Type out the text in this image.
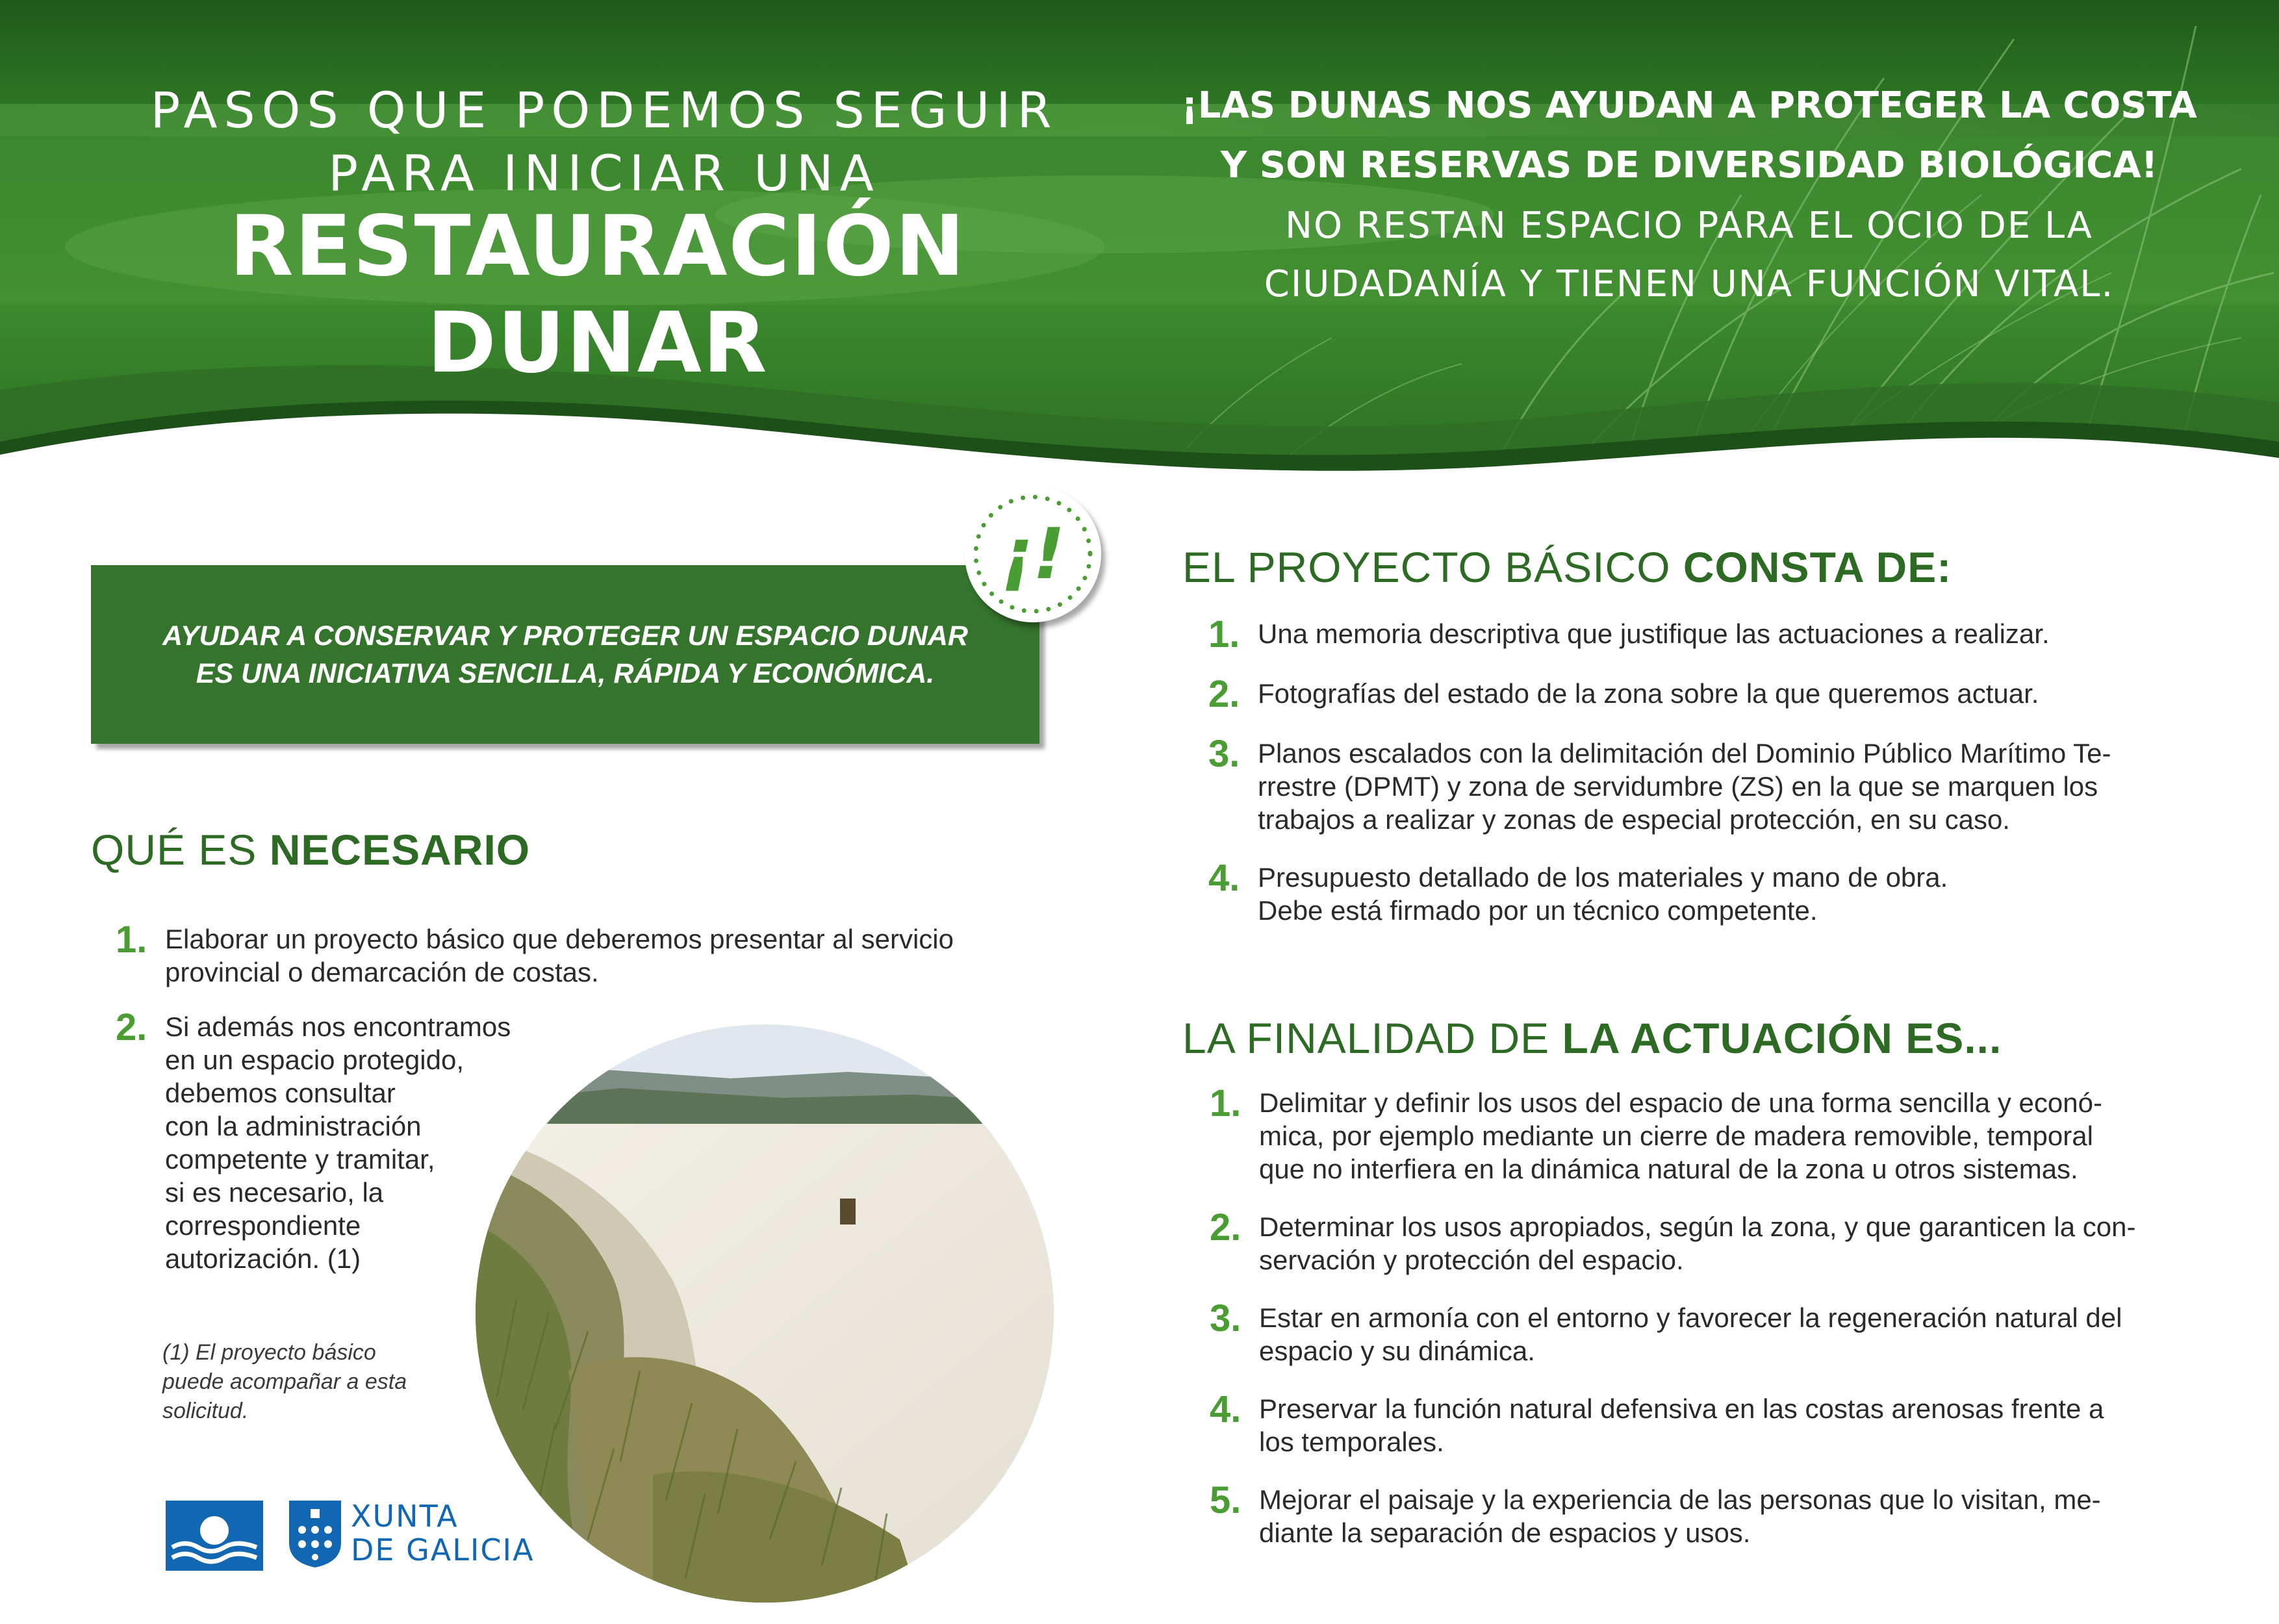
PASOS QUE PODEMOS SEGUIR
PARA INICIAR UNA
RESTAURACIÓN DUNAR
¡LAS DUNAS NOS AYUDAN A PROTEGER LA COSTA
Y SON RESERVAS DE DIVERSIDAD BIOLÓGICA!
NO RESTAN ESPACIO PARA EL OCIO DE LA
CIUDADANÍA Y TIENEN UNA FUNCIÓN VITAL.
AYUDAR A CONSERVAR Y PROTEGER UN ESPACIO DUNAR
ES UNA INICIATIVA SENCILLA, RÁPIDA Y ECONÓMICA.
¡!
QUÉ ES NECESARIO
1. Elaborar un proyecto básico que deberemos presentar al servicio provincial o demarcación de costas.
2. Si además nos encontramos
en un espacio protegido,
debemos consultar
con la administración
competente y tramitar,
si es necesario, la
correspondiente
autorización. (1)
(1) El proyecto básico
puede acompañar a esta
solicitud.
XUNTA
DE GALICIA
EL PROYECTO BÁSICO CONSTA DE:
1. Una memoria descriptiva que justifique las actuaciones a realizar.
2. Fotografías del estado de la zona sobre la que queremos actuar.
3. Planos escalados con la delimitación del Dominio Público Marítimo Te-
rrestre (DPMT) y zona de servidumbre (ZS) en la que se marquen los
trabajos a realizar y zonas de especial protección, en su caso.
4. Presupuesto detallado de los materiales y mano de obra.
Debe está firmado por un técnico competente.
LA FINALIDAD DE LA ACTUACIÓN ES...
1. Delimitar y definir los usos del espacio de una forma sencilla y econó-
mica, por ejemplo mediante un cierre de madera removible, temporal
que no interfiera en la dinámica natural de la zona u otros sistemas.
2. Determinar los usos apropiados, según la zona, y que garanticen la con-
servación y protección del espacio.
3. Estar en armonía con el entorno y favorecer la regeneración natural del
espacio y su dinámica.
4. Preservar la función natural defensiva en las costas arenosas frente a
los temporales.
5. Mejorar el paisaje y la experiencia de las personas que lo visitan, me-
diante la separación de espacios y usos.
